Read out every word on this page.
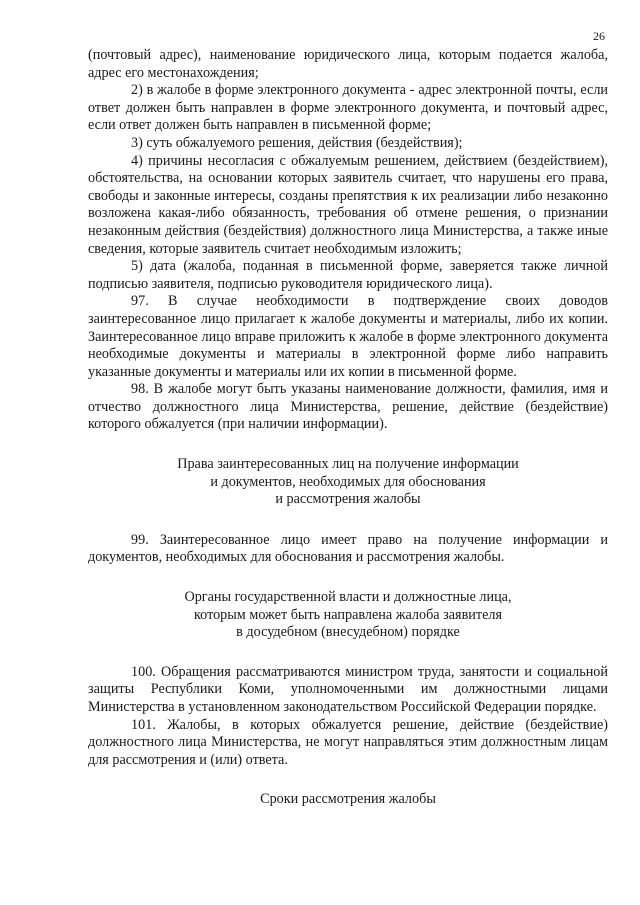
26

(почтовый адрес), наименование юридического лица, которым подается жалоба, адрес его местонахождения;

2) в жалобе в форме электронного документа - адрес электронной почты, если ответ должен быть направлен в форме электронного документа, и почтовый адрес, если ответ должен быть направлен в письменной форме;

3) суть обжалуемого решения, действия (бездействия);

4) причины несогласия с обжалуемым решением, действием (бездействием), обстоятельства, на основании которых заявитель считает, что нарушены его права, свободы и законные интересы, созданы препятствия к их реализации либо незаконно возложена какая-либо обязанность, требования об отмене решения, о признании незаконным действия (бездействия) должностного лица Министерства, а также иные сведения, которые заявитель считает необходимым изложить;

5) дата (жалоба, поданная в письменной форме, заверяется также личной подписью заявителя, подписью руководителя юридического лица).

97. В случае необходимости в подтверждение своих доводов заинтересованное лицо прилагает к жалобе документы и материалы, либо их копии. Заинтересованное лицо вправе приложить к жалобе в форме электронного документа необходимые документы и материалы в электронной форме либо направить указанные документы и материалы или их копии в письменной форме.

98. В жалобе могут быть указаны наименование должности, фамилия, имя и отчество должностного лица Министерства, решение, действие (бездействие) которого обжалуется (при наличии информации).

Права заинтересованных лиц на получение информации

и документов, необходимых для обоснования

и рассмотрения жалобы

99. Заинтересованное лицо имеет право на получение информации и документов, необходимых для обоснования и рассмотрения жалобы.

Органы государственной власти и должностные лица,

которым может быть направлена жалоба заявителя

в досудебном (внесудебном) порядке

100. Обращения рассматриваются министром труда, занятости и социальной защиты Республики Коми, уполномоченными им должностными лицами Министерства в установленном законодательством Российской Федерации порядке.

101. Жалобы, в которых обжалуется решение, действие (бездействие) должностного лица Министерства, не могут направляться этим должностным лицам для рассмотрения и (или) ответа.

Сроки рассмотрения жалобы
